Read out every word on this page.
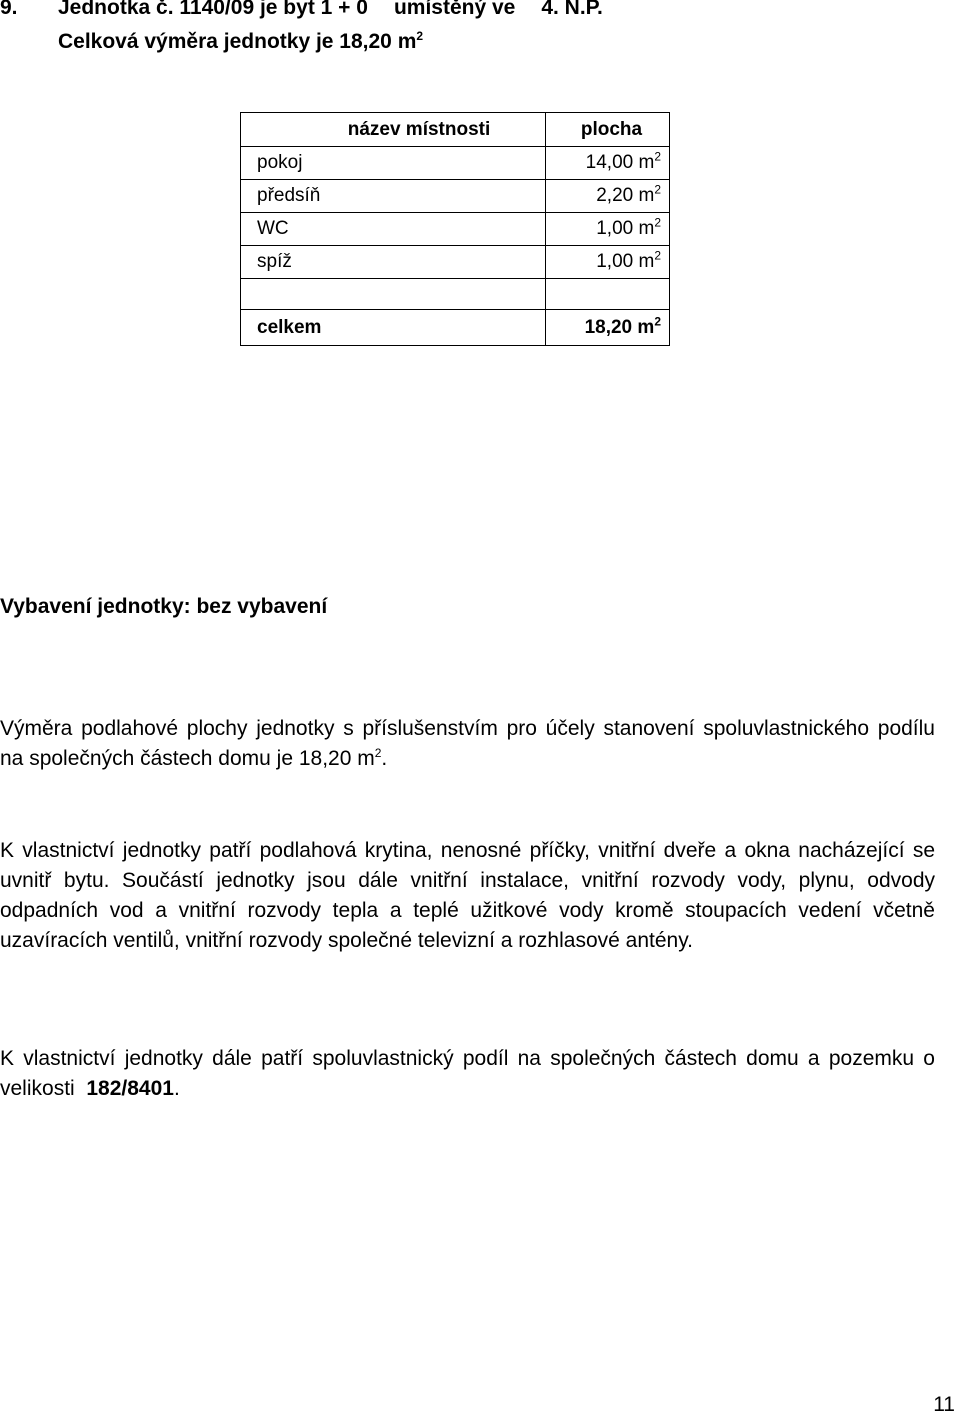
9. Jednotka č. 1140/09 je byt 1 + 0 umístěný ve 4. N.P.
Celková výměra jednotky je 18,20 $m^2$
název místnosti	plocha
pokoj	14,00 $m^2$
předsíň	2,20 $m^2$
WC	1,00 $m^2$
spíž	1,00 $m^2$

celkem	18,20 $m^2$
Vybavení jednotky: bez vybavení
Výměra podlahové plochy jednotky s příslušenstvím pro účely stanovení spoluvlastnického podílu na společných částech domu je 18,20 $m^2$.
K vlastnictví jednotky patří podlahová krytina, nenosné příčky, vnitřní dveře a okna nacházející se uvnitř bytu. Součástí jednotky jsou dále vnitřní instalace, vnitřní rozvody vody, plynu, odvody odpadních vod a vnitřní rozvody tepla a teplé užitkové vody kromě stoupacích vedení včetně uzavíracích ventilů, vnitřní rozvody společné televizní a rozhlasové antény.
K vlastnictví jednotky dále patří spoluvlastnický podíl na společných částech domu a pozemku o velikosti 182/8401.
11
